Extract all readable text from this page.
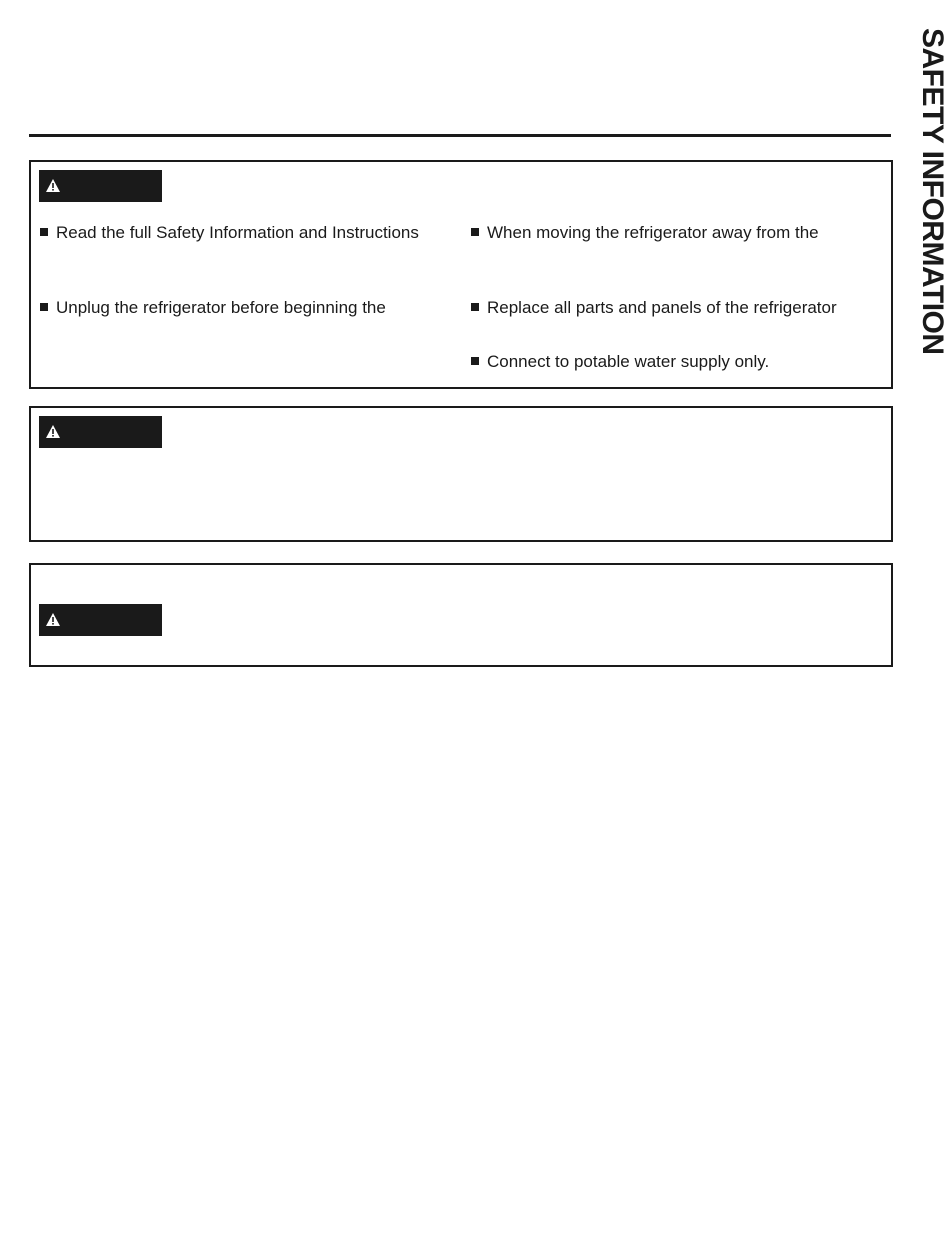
SAFETY INFORMATION
Read the full Safety Information and Instructions
Unplug the refrigerator before beginning the
When moving the refrigerator away from the
Replace all parts and panels of the refrigerator
Connect to potable water supply only.
